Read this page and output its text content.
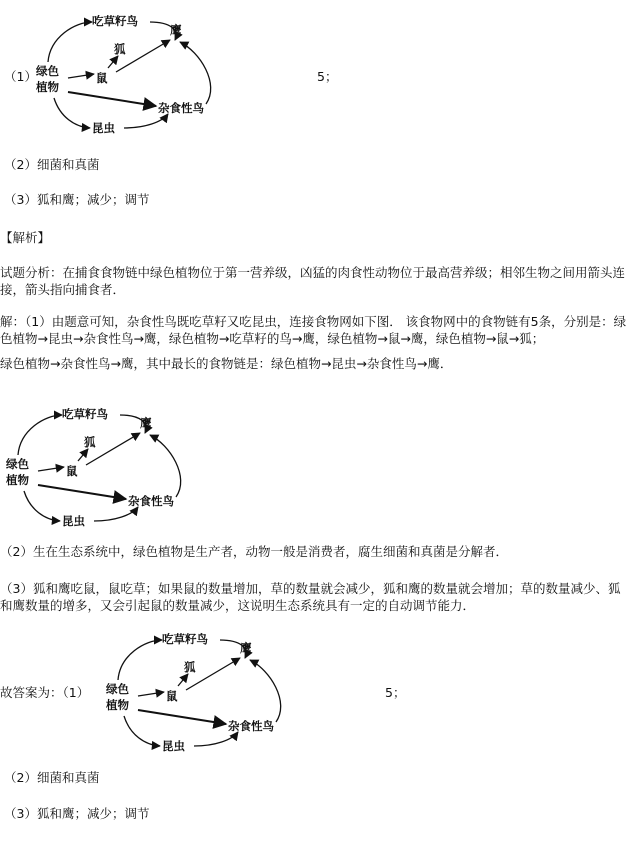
（1）
吃草籽鸟
狐
鹰
鼠
绿色
植物
杂食性鸟
昆虫
5；
（2）细菌和真菌
（3）狐和鹰；减少；调节
【解析】
试题分析：在捕食食物链中绿色植物位于第一营养级，凶猛的肉食性动物位于最高营养级；相邻生物之间用箭头连接，箭头指向捕食者．
解：（1）由题意可知，杂食性鸟既吃草籽又吃昆虫，连接食物网如下图． 该食物网中的食物链有5条，分别是：绿色植物→昆虫→杂食性鸟→鹰，绿色植物→吃草籽的鸟→鹰，绿色植物→鼠→鹰，绿色植物→鼠→狐；
绿色植物→杂食性鸟→鹰，其中最长的食物链是：绿色植物→昆虫→杂食性鸟→鹰．
吃草籽鸟
狐
鹰
鼠
绿色
植物
杂食性鸟
昆虫
（2）生在生态系统中，绿色植物是生产者，动物一般是消费者，腐生细菌和真菌是分解者．
（3）狐和鹰吃鼠，鼠吃草；如果鼠的数量增加，草的数量就会减少，狐和鹰的数量就会增加；草的数量减少、狐和鹰数量的增多，又会引起鼠的数量减少，这说明生态系统具有一定的自动调节能力．
故答案为：（1）
吃草籽鸟
狐
鹰
鼠
绿色
植物
杂食性鸟
昆虫
5；
（2）细菌和真菌
（3）狐和鹰；减少；调节
